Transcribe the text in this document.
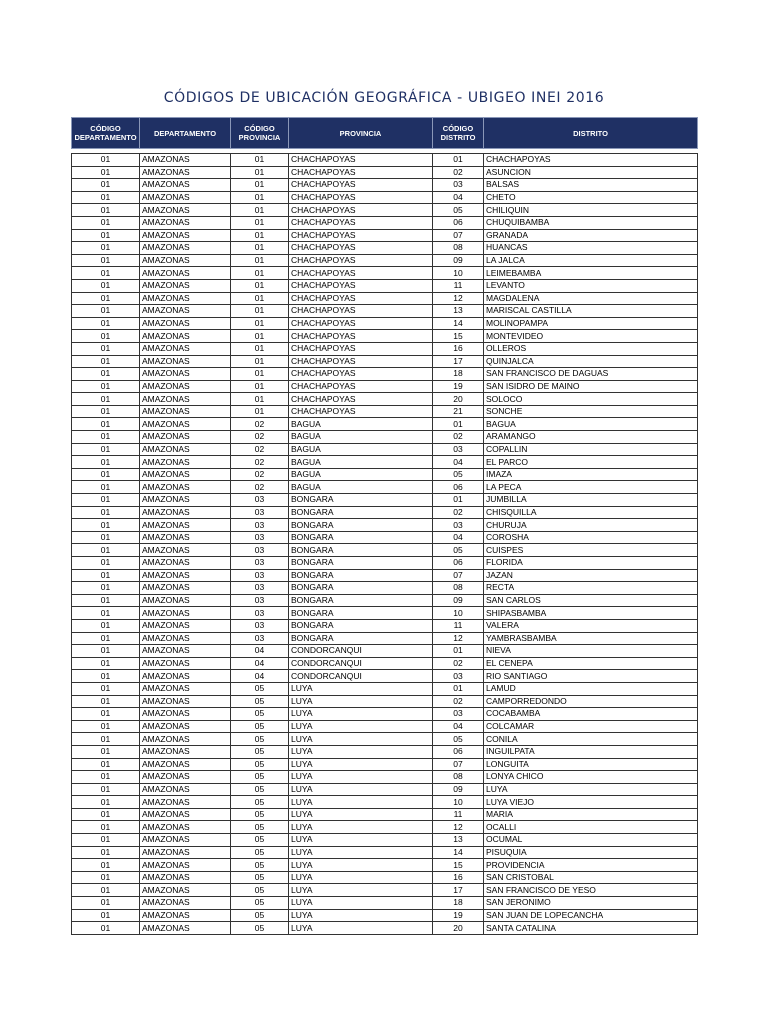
CÓDIGOS DE UBICACIÓN GEOGRÁFICA - UBIGEO INEI 2016
CÓDIGO DEPARTAMENTO	DEPARTAMENTO	CÓDIGO PROVINCIA	PROVINCIA	CÓDIGO DISTRITO	DISTRITO

01	AMAZONAS	01	CHACHAPOYAS	01	CHACHAPOYAS
01	AMAZONAS	01	CHACHAPOYAS	02	ASUNCION
01	AMAZONAS	01	CHACHAPOYAS	03	BALSAS
01	AMAZONAS	01	CHACHAPOYAS	04	CHETO
01	AMAZONAS	01	CHACHAPOYAS	05	CHILIQUIN
01	AMAZONAS	01	CHACHAPOYAS	06	CHUQUIBAMBA
01	AMAZONAS	01	CHACHAPOYAS	07	GRANADA
01	AMAZONAS	01	CHACHAPOYAS	08	HUANCAS
01	AMAZONAS	01	CHACHAPOYAS	09	LA JALCA
01	AMAZONAS	01	CHACHAPOYAS	10	LEIMEBAMBA
01	AMAZONAS	01	CHACHAPOYAS	11	LEVANTO
01	AMAZONAS	01	CHACHAPOYAS	12	MAGDALENA
01	AMAZONAS	01	CHACHAPOYAS	13	MARISCAL CASTILLA
01	AMAZONAS	01	CHACHAPOYAS	14	MOLINOPAMPA
01	AMAZONAS	01	CHACHAPOYAS	15	MONTEVIDEO
01	AMAZONAS	01	CHACHAPOYAS	16	OLLEROS
01	AMAZONAS	01	CHACHAPOYAS	17	QUINJALCA
01	AMAZONAS	01	CHACHAPOYAS	18	SAN FRANCISCO DE DAGUAS
01	AMAZONAS	01	CHACHAPOYAS	19	SAN ISIDRO DE MAINO
01	AMAZONAS	01	CHACHAPOYAS	20	SOLOCO
01	AMAZONAS	01	CHACHAPOYAS	21	SONCHE
01	AMAZONAS	02	BAGUA	01	BAGUA
01	AMAZONAS	02	BAGUA	02	ARAMANGO
01	AMAZONAS	02	BAGUA	03	COPALLIN
01	AMAZONAS	02	BAGUA	04	EL PARCO
01	AMAZONAS	02	BAGUA	05	IMAZA
01	AMAZONAS	02	BAGUA	06	LA PECA
01	AMAZONAS	03	BONGARA	01	JUMBILLA
01	AMAZONAS	03	BONGARA	02	CHISQUILLA
01	AMAZONAS	03	BONGARA	03	CHURUJA
01	AMAZONAS	03	BONGARA	04	COROSHA
01	AMAZONAS	03	BONGARA	05	CUISPES
01	AMAZONAS	03	BONGARA	06	FLORIDA
01	AMAZONAS	03	BONGARA	07	JAZAN
01	AMAZONAS	03	BONGARA	08	RECTA
01	AMAZONAS	03	BONGARA	09	SAN CARLOS
01	AMAZONAS	03	BONGARA	10	SHIPASBAMBA
01	AMAZONAS	03	BONGARA	11	VALERA
01	AMAZONAS	03	BONGARA	12	YAMBRASBAMBA
01	AMAZONAS	04	CONDORCANQUI	01	NIEVA
01	AMAZONAS	04	CONDORCANQUI	02	EL CENEPA
01	AMAZONAS	04	CONDORCANQUI	03	RIO SANTIAGO
01	AMAZONAS	05	LUYA	01	LAMUD
01	AMAZONAS	05	LUYA	02	CAMPORREDONDO
01	AMAZONAS	05	LUYA	03	COCABAMBA
01	AMAZONAS	05	LUYA	04	COLCAMAR
01	AMAZONAS	05	LUYA	05	CONILA
01	AMAZONAS	05	LUYA	06	INGUILPATA
01	AMAZONAS	05	LUYA	07	LONGUITA
01	AMAZONAS	05	LUYA	08	LONYA CHICO
01	AMAZONAS	05	LUYA	09	LUYA
01	AMAZONAS	05	LUYA	10	LUYA VIEJO
01	AMAZONAS	05	LUYA	11	MARIA
01	AMAZONAS	05	LUYA	12	OCALLI
01	AMAZONAS	05	LUYA	13	OCUMAL
01	AMAZONAS	05	LUYA	14	PISUQUIA
01	AMAZONAS	05	LUYA	15	PROVIDENCIA
01	AMAZONAS	05	LUYA	16	SAN CRISTOBAL
01	AMAZONAS	05	LUYA	17	SAN FRANCISCO DE YESO
01	AMAZONAS	05	LUYA	18	SAN JERONIMO
01	AMAZONAS	05	LUYA	19	SAN JUAN DE LOPECANCHA
01	AMAZONAS	05	LUYA	20	SANTA CATALINA
